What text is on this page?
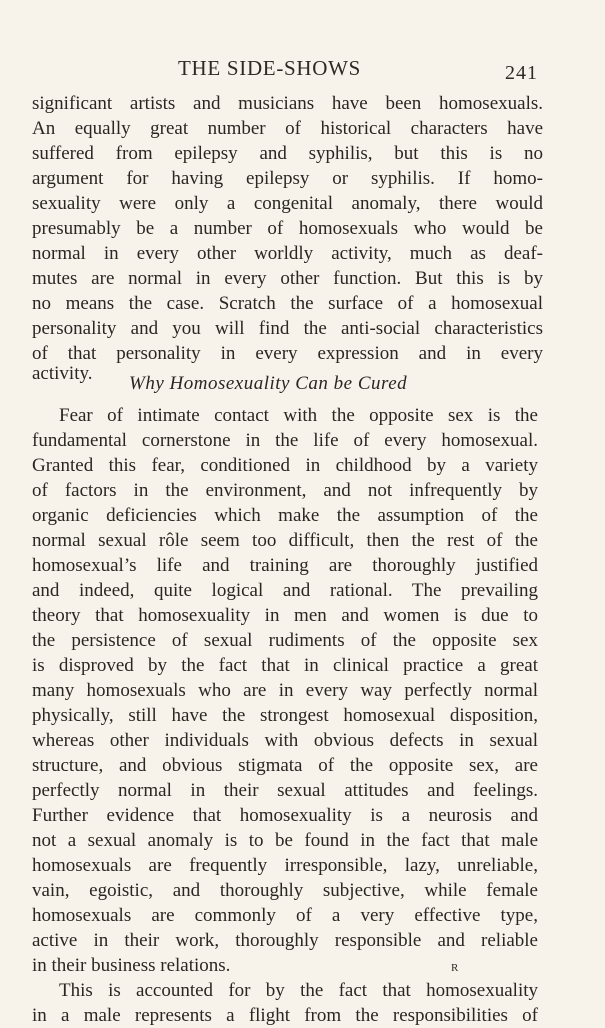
THE SIDE-SHOWS	241
significant artists and musicians have been homosexuals.
An equally great number of historical characters have
suffered from epilepsy and syphilis, but this is no
argument for having epilepsy or syphilis. If homo-
sexuality were only a congenital anomaly, there would
presumably be a number of homosexuals who would be
normal in every other worldly activity, much as deaf-
mutes are normal in every other function. But this is by
no means the case. Scratch the surface of a homosexual
personality and you will find the anti-social characteristics
of that personality in every expression and in every
activity.	Why Homosexuality Can be Cured
Fear of intimate contact with the opposite sex is the
fundamental cornerstone in the life of every homosexual.
Granted this fear, conditioned in childhood by a variety
of factors in the environment, and not infrequently by
organic deficiencies which make the assumption of the
normal sexual rôle seem too difficult, then the rest of the
homosexual’s life and training are thoroughly justified
and indeed, quite logical and rational. The prevailing
theory that homosexuality in men and women is due to
the persistence of sexual rudiments of the opposite sex
is disproved by the fact that in clinical practice a great
many homosexuals who are in every way perfectly normal
physically, still have the strongest homosexual disposition,
whereas other individuals with obvious defects in sexual
structure, and obvious stigmata of the opposite sex, are
perfectly normal in their sexual attitudes and feelings.
Further evidence that homosexuality is a neurosis and
not a sexual anomaly is to be found in the fact that male
homosexuals are frequently irresponsible, lazy, unreliable,
vain, egoistic, and thoroughly subjective, while female
homosexuals are commonly of a very effective type,
active in their work, thoroughly responsible and reliable
in their business relations.
This is accounted for by the fact that homosexuality
in a male represents a flight from the responsibilities of
R
